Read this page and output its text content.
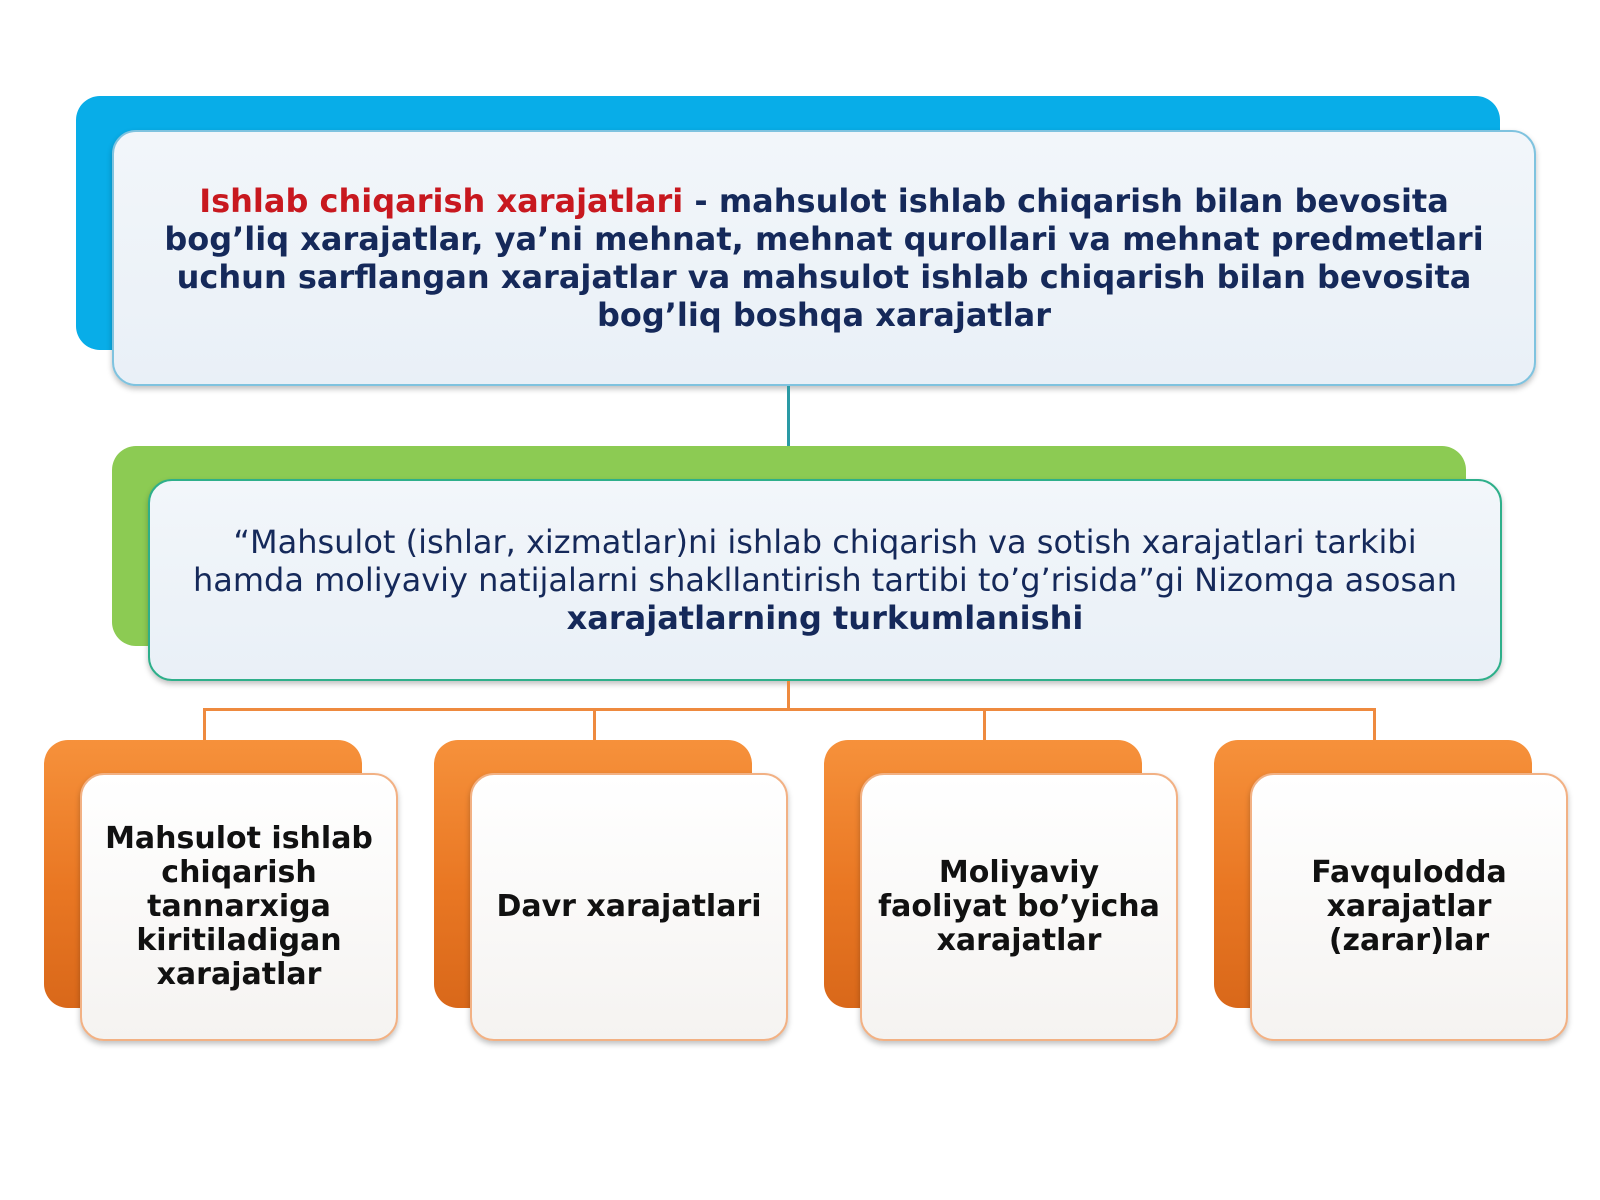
Ishlab chiqarish xarajatlari - mahsulot ishlab chiqarish bilan bevosita bog’liq xarajatlar, ya’ni mehnat, mehnat qurollari va mehnat predmetlari uchun sarflangan xarajatlar va mahsulot ishlab chiqarish bilan bevosita bog’liq boshqa xarajatlar

“Mahsulot (ishlar, xizmatlar)ni ishlab chiqarish va sotish xarajatlari tarkibi hamda moliyaviy natijalarni shakllantirish tartibi to’g’risida”gi Nizomga asosan
xarajatlarning turkumlanishi

Mahsulot ishlab chiqarish tannarxiga kiritiladigan xarajatlar

Davr xarajatlari

Moliyaviy faoliyat bo’yicha xarajatlar

Favqulodda xarajatlar (zarar)lar
